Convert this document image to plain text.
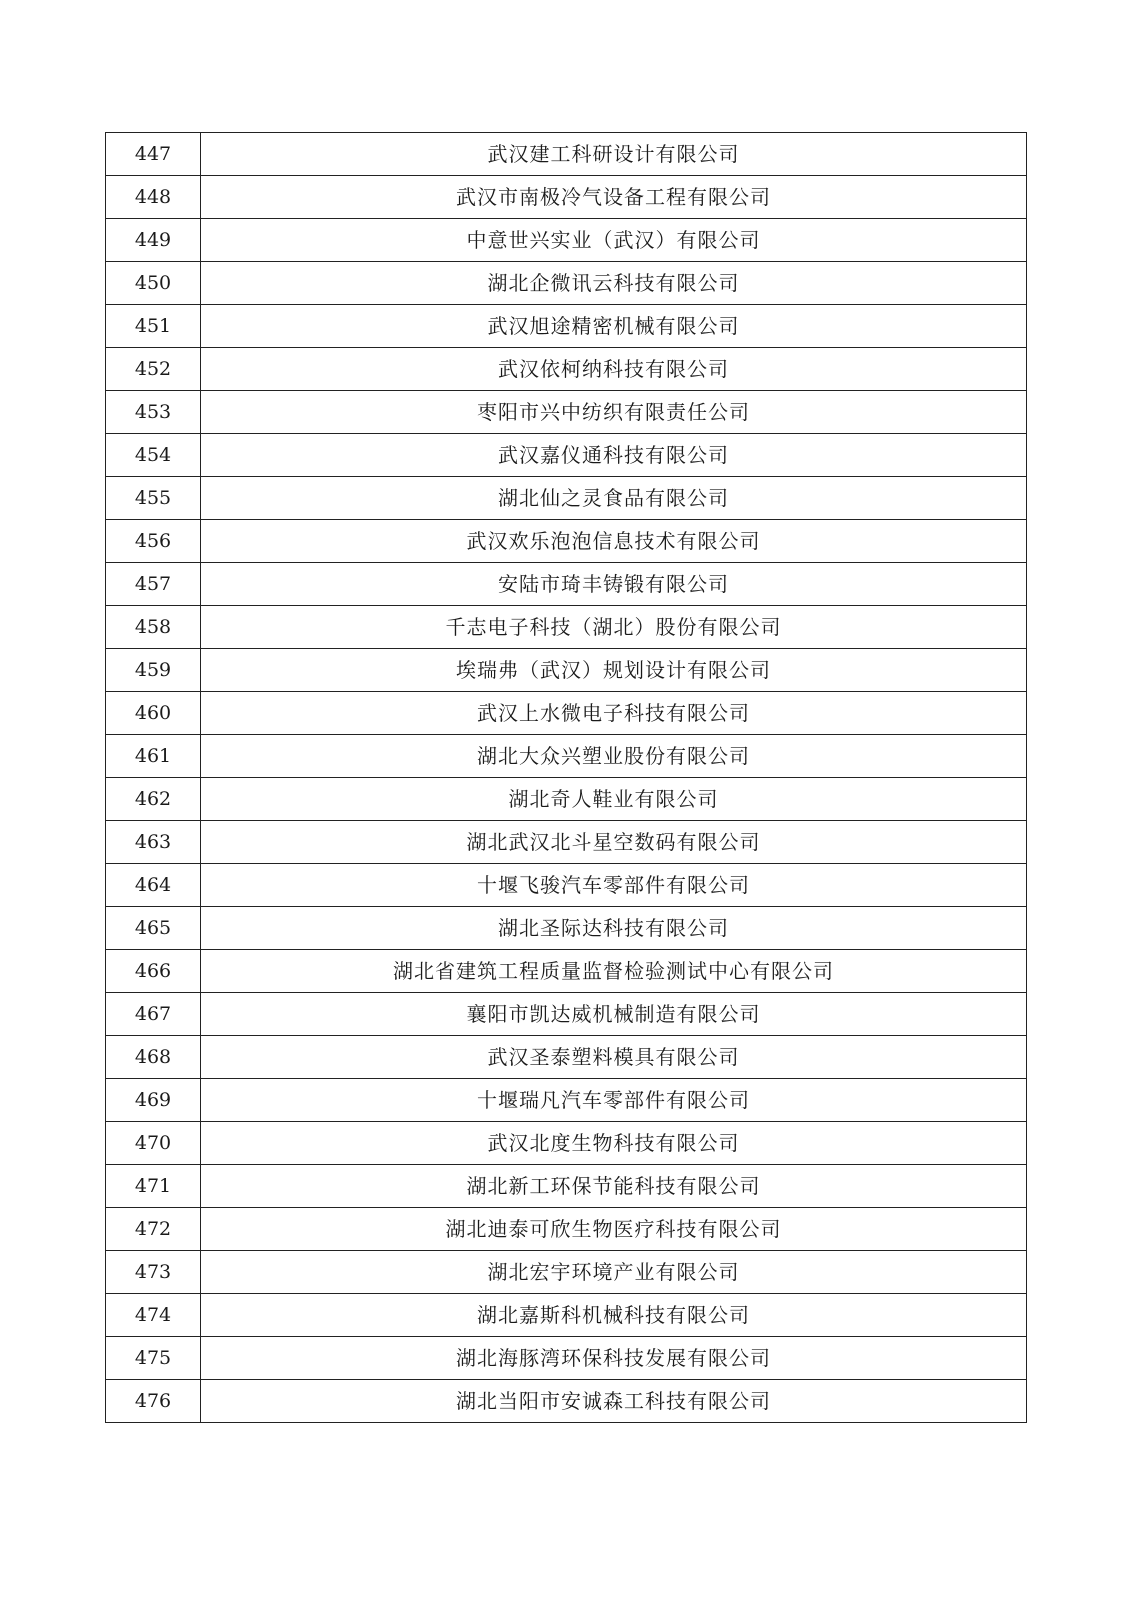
447	武汉建工科研设计有限公司
448	武汉市南极冷气设备工程有限公司
449	中意世兴实业（武汉）有限公司
450	湖北企微讯云科技有限公司
451	武汉旭途精密机械有限公司
452	武汉依柯纳科技有限公司
453	枣阳市兴中纺织有限责任公司
454	武汉嘉仪通科技有限公司
455	湖北仙之灵食品有限公司
456	武汉欢乐泡泡信息技术有限公司
457	安陆市琦丰铸锻有限公司
458	千志电子科技（湖北）股份有限公司
459	埃瑞弗（武汉）规划设计有限公司
460	武汉上水微电子科技有限公司
461	湖北大众兴塑业股份有限公司
462	湖北奇人鞋业有限公司
463	湖北武汉北斗星空数码有限公司
464	十堰飞骏汽车零部件有限公司
465	湖北圣际达科技有限公司
466	湖北省建筑工程质量监督检验测试中心有限公司
467	襄阳市凯达威机械制造有限公司
468	武汉圣泰塑料模具有限公司
469	十堰瑞凡汽车零部件有限公司
470	武汉北度生物科技有限公司
471	湖北新工环保节能科技有限公司
472	湖北迪泰可欣生物医疗科技有限公司
473	湖北宏宇环境产业有限公司
474	湖北嘉斯科机械科技有限公司
475	湖北海豚湾环保科技发展有限公司
476	湖北当阳市安诚森工科技有限公司
